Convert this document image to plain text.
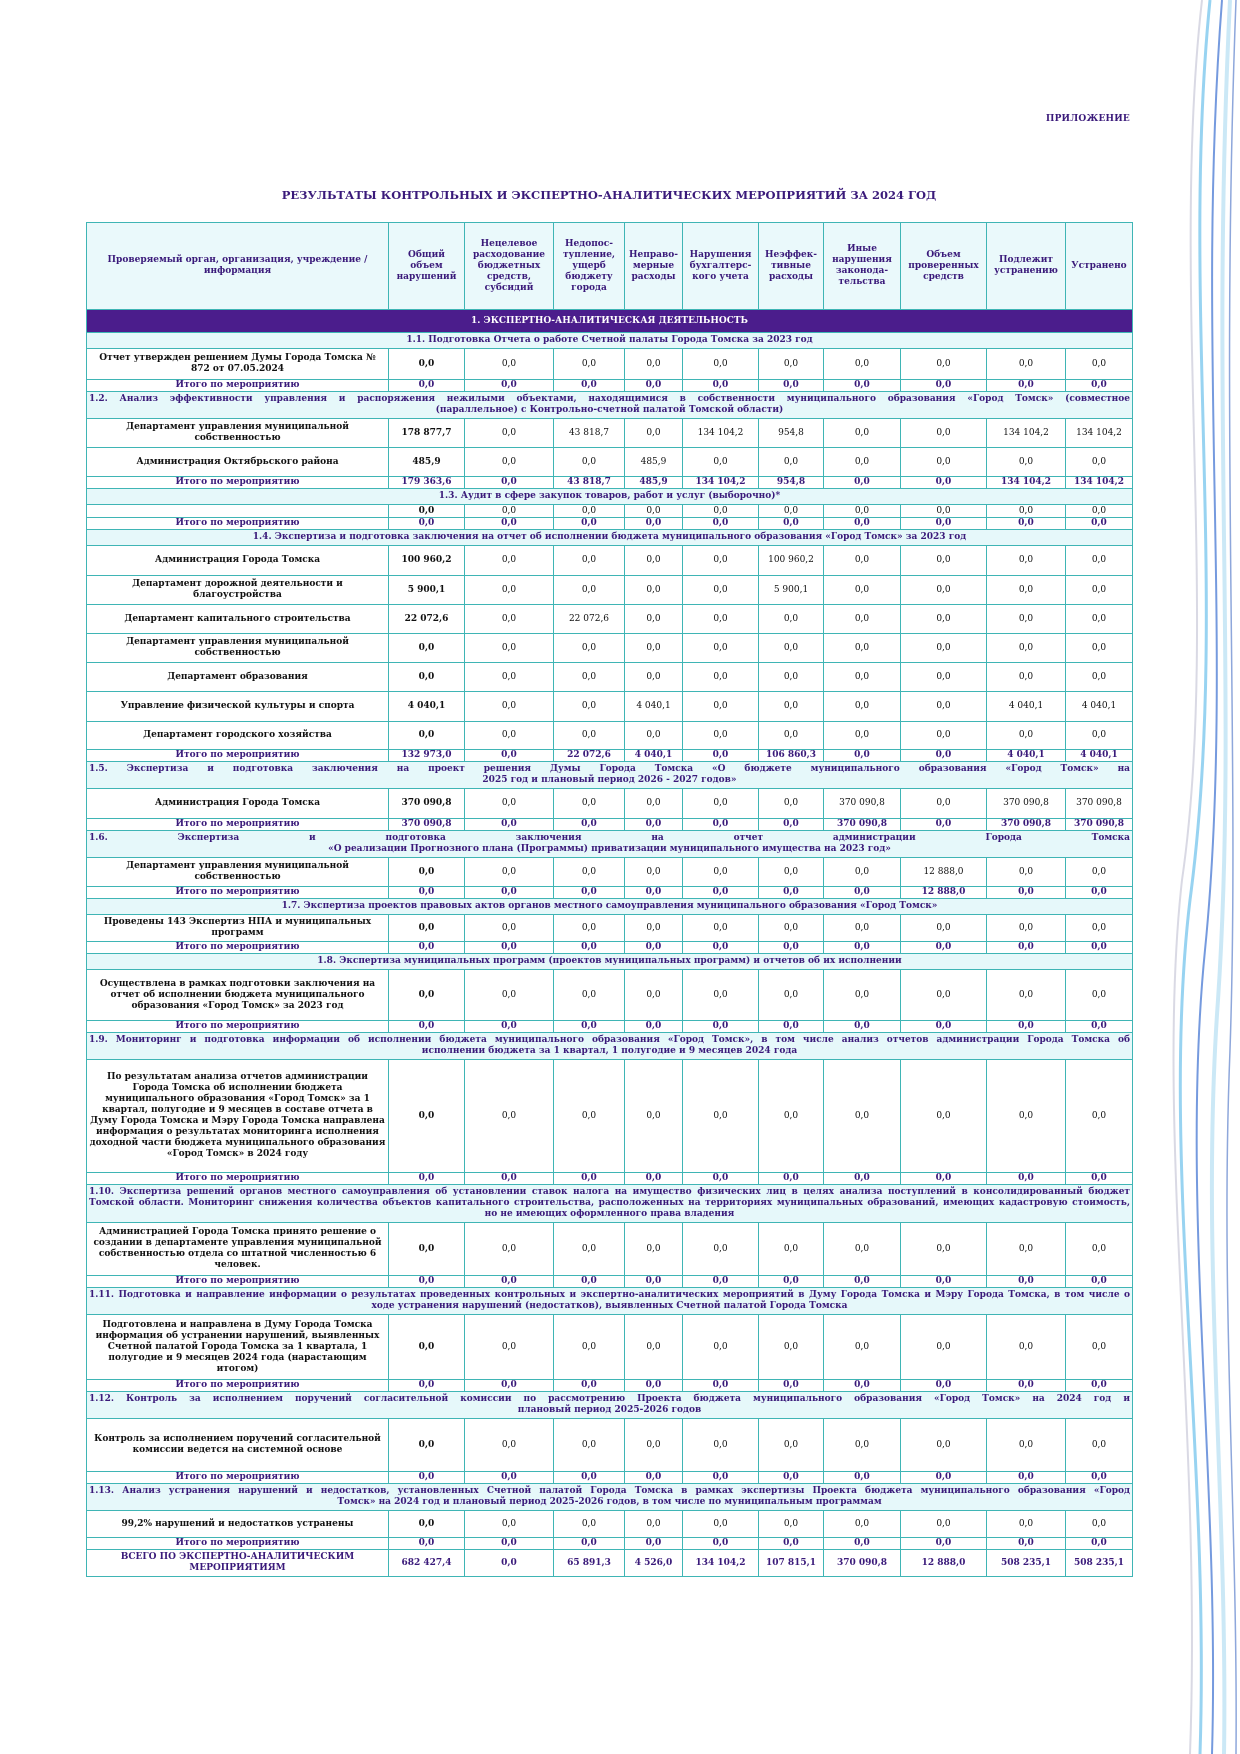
ПРИЛОЖЕНИЕ
РЕЗУЛЬТАТЫ КОНТРОЛЬНЫХ И ЭКСПЕРТНО-АНАЛИТИЧЕСКИХ МЕРОПРИЯТИЙ ЗА 2024 ГОД
Проверяемый орган, организация, учреждение /информация	Общий объем нарушений	Нецелевое расходование бюджетных средств, субсидий	Недопос-тупление, ущерб бюджету города	Неправо-мерные расходы	Нарушения бухгалтерс-кого учета	Неэффек-тивные расходы	Иные нарушения законода-тельства	Объем проверенных средств	Подлежит устранению	Устранено
1. ЭКСПЕРТНО-АНАЛИТИЧЕСКАЯ ДЕЯТЕЛЬНОСТЬ										

1.1. Подготовка Отчета о работе Счетной палаты Города Томска за 2023 год										

Отчет утвержден решением Думы Города Томска № 872 от 07.05.2024	0,0	0,0	0,0	0,0	0,0	0,0	0,0	0,0	0,0	0,0
Итого по мероприятию	0,0	0,0	0,0	0,0	0,0	0,0	0,0	0,0	0,0	0,0

1.2. Анализ эффективности управления и распоряжения нежилыми объектами, находящимися в собственности муниципального образования «Город Томск» (совместное
(параллельное) с Контрольно-счетной палатой Томской области)										

Департамент управления муниципальной собственностью	178 877,7	0,0	43 818,7	0,0	134 104,2	954,8	0,0	0,0	134 104,2	134 104,2
Администрация Октябрьского района	485,9	0,0	0,0	485,9	0,0	0,0	0,0	0,0	0,0	0,0
Итого по мероприятию	179 363,6	0,0	43 818,7	485,9	134 104,2	954,8	0,0	0,0	134 104,2	134 104,2

1.3. Аудит в сфере закупок товаров, работ и услуг (выборочно)*										

	0,0	0,0	0,0	0,0	0,0	0,0	0,0	0,0	0,0	0,0
Итого по мероприятию	0,0	0,0	0,0	0,0	0,0	0,0	0,0	0,0	0,0	0,0

1.4. Экспертиза и подготовка заключения на отчет об исполнении бюджета муниципального образования «Город Томск» за 2023 год										

Администрация Города Томска	100 960,2	0,0	0,0	0,0	0,0	100 960,2	0,0	0,0	0,0	0,0
Департамент дорожной деятельности и благоустройства	5 900,1	0,0	0,0	0,0	0,0	5 900,1	0,0	0,0	0,0	0,0
Департамент капитального строительства	22 072,6	0,0	22 072,6	0,0	0,0	0,0	0,0	0,0	0,0	0,0
Департамент управления муниципальной собственностью	0,0	0,0	0,0	0,0	0,0	0,0	0,0	0,0	0,0	0,0
Департамент образования	0,0	0,0	0,0	0,0	0,0	0,0	0,0	0,0	0,0	0,0
Управление физической культуры и спорта	4 040,1	0,0	0,0	4 040,1	0,0	0,0	0,0	0,0	4 040,1	4 040,1
Департамент городского хозяйства	0,0	0,0	0,0	0,0	0,0	0,0	0,0	0,0	0,0	0,0
Итого по мероприятию	132 973,0	0,0	22 072,6	4 040,1	0,0	106 860,3	0,0	0,0	4 040,1	4 040,1

1.5. Экспертиза и подготовка заключения на проект решения Думы Города Томска «О бюджете муниципального образования «Город Томск» на
2025 год и плановый период 2026 - 2027 годов»										

Администрация Города Томска	370 090,8	0,0	0,0	0,0	0,0	0,0	370 090,8	0,0	370 090,8	370 090,8
Итого по мероприятию	370 090,8	0,0	0,0	0,0	0,0	0,0	370 090,8	0,0	370 090,8	370 090,8

1.6. Экспертиза и подготовка заключения на отчет администрации Города Томска
«О реализации Прогнозного плана (Программы) приватизации муниципального имущества на 2023 год»										

Департамент управления муниципальной собственностью	0,0	0,0	0,0	0,0	0,0	0,0	0,0	12 888,0	0,0	0,0
Итого по мероприятию	0,0	0,0	0,0	0,0	0,0	0,0	0,0	12 888,0	0,0	0,0

1.7. Экспертиза проектов правовых актов органов местного самоуправления муниципального образования «Город Томск»										

Проведены 143 Экспертиз НПА и муниципальных программ	0,0	0,0	0,0	0,0	0,0	0,0	0,0	0,0	0,0	0,0
Итого по мероприятию	0,0	0,0	0,0	0,0	0,0	0,0	0,0	0,0	0,0	0,0

1.8. Экспертиза муниципальных программ (проектов муниципальных программ) и отчетов об их исполнении										

Осуществлена в рамках подготовки заключения на отчет об исполнении бюджета муниципального образования «Город Томск» за 2023 год	0,0	0,0	0,0	0,0	0,0	0,0	0,0	0,0	0,0	0,0
Итого по мероприятию	0,0	0,0	0,0	0,0	0,0	0,0	0,0	0,0	0,0	0,0

1.9. Мониторинг и подготовка информации об исполнении бюджета муниципального образования «Город Томск», в том числе анализ отчетов администрации Города Томска об
исполнении бюджета за 1 квартал, 1 полугодие и 9 месяцев 2024 года										

По результатам анализа отчетов администрации Города Томска об исполнении бюджета муниципального образования «Город Томск» за 1 квартал, полугодие и 9 месяцев в составе отчета в Думу Города Томска и Мэру Города Томска направлена информация о результатах мониторинга исполнения доходной части бюджета муниципального образования «Город Томск» в 2024 году	0,0	0,0	0,0	0,0	0,0	0,0	0,0	0,0	0,0	0,0
Итого по мероприятию	0,0	0,0	0,0	0,0	0,0	0,0	0,0	0,0	0,0	0,0

1.10. Экспертиза решений органов местного самоуправления об установлении ставок налога на имущество физических лиц в целях анализа поступлений в консолидированный бюджет
Томской области. Мониторинг снижения количества объектов капитального строительства, расположенных на территориях муниципальных образований, имеющих кадастровую стоимость,
но не имеющих оформленного права владения										

Администрацией Города Томска принято решение о создании в департаменте управления муниципальной собственностью отдела со штатной численностью 6 человек.	0,0	0,0	0,0	0,0	0,0	0,0	0,0	0,0	0,0	0,0
Итого по мероприятию	0,0	0,0	0,0	0,0	0,0	0,0	0,0	0,0	0,0	0,0

1.11. Подготовка и направление информации о результатах проведенных контрольных и экспертно-аналитических мероприятий в Думу Города Томска и Мэру Города Томска, в том числе о
ходе устранения нарушений (недостатков), выявленных Счетной палатой Города Томска										

Подготовлена и направлена в Думу Города Томска информация об устранении нарушений, выявленных Счетной палатой Города Томска за 1 квартала, 1 полугодие и 9 месяцев 2024 года (нарастающим итогом)	0,0	0,0	0,0	0,0	0,0	0,0	0,0	0,0	0,0	0,0
Итого по мероприятию	0,0	0,0	0,0	0,0	0,0	0,0	0,0	0,0	0,0	0,0

1.12. Контроль за исполнением поручений согласительной комиссии по рассмотрению Проекта бюджета муниципального образования «Город Томск» на 2024 год и
плановый период 2025-2026 годов										

Контроль за исполнением поручений согласительной комиссии ведется на системной основе	0,0	0,0	0,0	0,0	0,0	0,0	0,0	0,0	0,0	0,0
Итого по мероприятию	0,0	0,0	0,0	0,0	0,0	0,0	0,0	0,0	0,0	0,0

1.13. Анализ устранения нарушений и недостатков, установленных Счетной палатой Города Томска в рамках экспертизы Проекта бюджета муниципального образования «Город
Томск» на 2024 год и плановый период 2025-2026 годов, в том числе по муниципальным программам										

99,2% нарушений и недостатков устранены	0,0	0,0	0,0	0,0	0,0	0,0	0,0	0,0	0,0	0,0
Итого по мероприятию	0,0	0,0	0,0	0,0	0,0	0,0	0,0	0,0	0,0	0,0
ВСЕГО ПО ЭКСПЕРТНО-АНАЛИТИЧЕСКИМ МЕРОПРИЯТИЯМ	682 427,4	0,0	65 891,3	4 526,0	134 104,2	107 815,1	370 090,8	12 888,0	508 235,1	508 235,1
